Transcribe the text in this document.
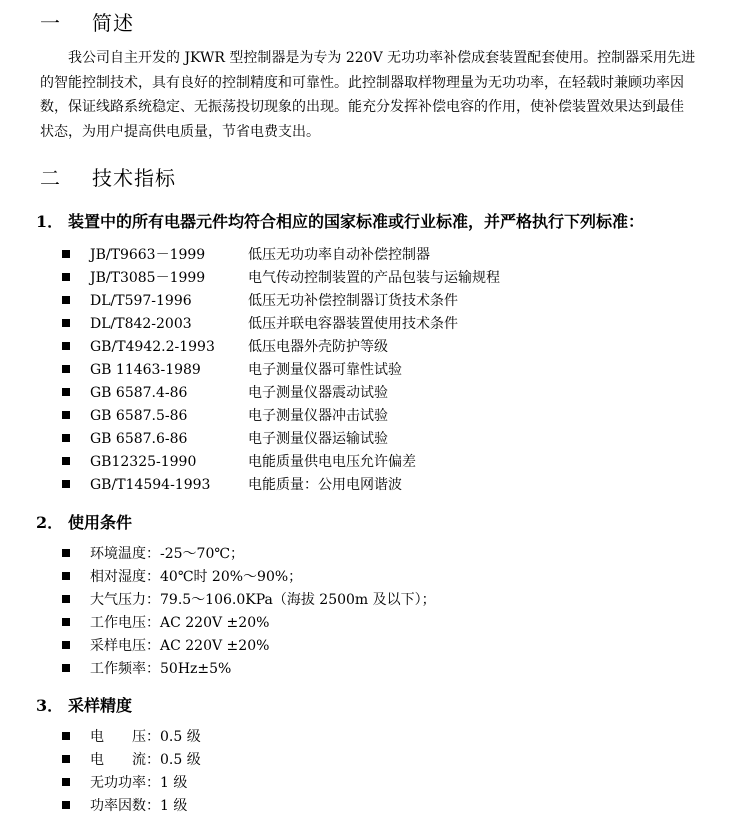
一 简述

我公司自主开发的 JKWR 型控制器是为专为 220V 无功功率补偿成套装置配套使用。控制器采用先进的智能控制技术，具有良好的控制精度和可靠性。此控制器取样物理量为无功功率，在轻载时兼顾功率因数，保证线路系统稳定、无振荡投切现象的出现。能充分发挥补偿电容的作用，使补偿装置效果达到最佳状态，为用户提高供电质量，节省电费支出。

二 技术指标
1． 装置中的所有电器元件均符合相应的国家标准或行业标准，并严格执行下列标准：
JB/T9663－1999	低压无功功率自动补偿控制器
JB/T3085－1999	电气传动控制装置的产品包装与运输规程
DL/T597-1996	低压无功补偿控制器订货技术条件
DL/T842-2003	低压并联电容器装置使用技术条件
GB/T4942.2-1993 低压电器外壳防护等级
GB 11463-1989	电子测量仪器可靠性试验
GB 6587.4-86	电子测量仪器震动试验
GB 6587.5-86	电子测量仪器冲击试验
GB 6587.6-86	电子测量仪器运输试验
GB12325-1990	电能质量供电电压允许偏差
GB/T14594-1993	电能质量：公用电网谐波
2． 使用条件
环境温度：-25～70℃；
相对湿度：40℃时 20%～90%；
大气压力：79.5～106.0KPa（海拔 2500m 及以下）；
工作电压：AC 220V ±20%
采样电压：AC 220V ±20%
工作频率：50Hz±5%
3． 采样精度
电　　压：0.5 级
电　　流：0.5 级
无功功率：1 级
功率因数：1 级
